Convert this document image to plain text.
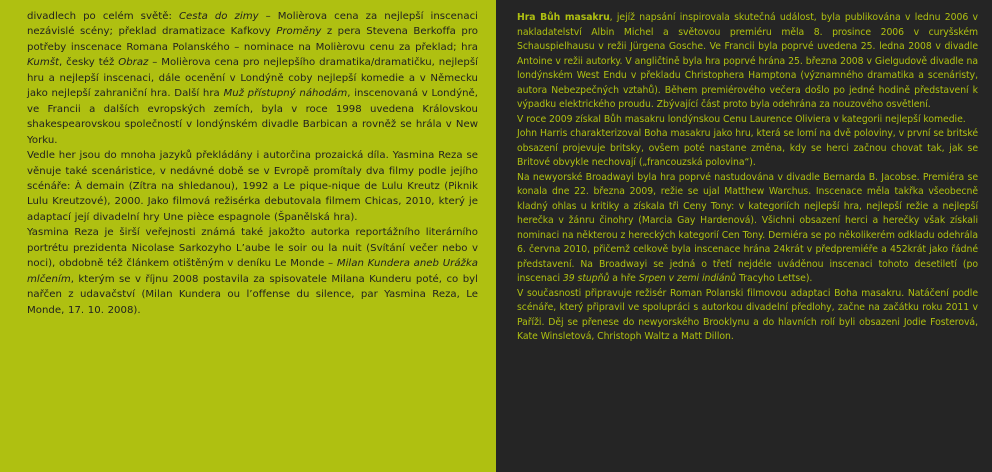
divadlech po celém světě: Cesta do zimy – Molièrova cena za nejlepší inscenaci nezávislé scény; překlad dramatizace Kafkovy Proměny z pera Stevena Berkoffa pro potřeby inscenace Romana Polanského – nominace na Molièrovu cenu za překlad; hra Kumšt, česky též Obraz – Molièrova cena pro nejlepšího dramatika/dramatičku, nejlepší hru a nejlepší inscenaci, dále ocenění v Londýně coby nejlepší komedie a v Německu jako nejlepší zahraniční hra. Další hra Muž přístupný náhodám, inscenovaná v Londýně, ve Francii a dalších evropských zemích, byla v roce 1998 uvedena Královskou shakespearovskou společností v londýnském divadle Barbican a rovněž se hrála v New Yorku.

Vedle her jsou do mnoha jazyků překládány i autorčina prozaická díla. Yasmina Reza se věnuje také scenáristice, v nedávné době se v Evropě promítaly dva filmy podle jejího scénáře: À demain (Zítra na shledanou), 1992 a Le pique-nique de Lulu Kreutz (Piknik Lulu Kreutzové), 2000. Jako filmová režisérka debutovala filmem Chicas, 2010, který je adaptací její divadelní hry Une pièce espagnole (Španělská hra).

Yasmina Reza je širší veřejnosti známá také jakožto autorka reportážního literárního portrétu prezidenta Nicolase Sarkozyho L’aube le soir ou la nuit (Svítání večer nebo v noci), obdobně též článkem otištěným v deníku Le Monde – Milan Kundera aneb Urážka mlčením, kterým se v říjnu 2008 postavila za spisovatele Milana Kunderu poté, co byl nařčen z udavačství (Milan Kundera ou l’offense du silence, par Yasmina Reza, Le Monde, 17. 10. 2008).

Hra Bůh masakru, jejíž napsání inspirovala skutečná událost, byla publikována v lednu 2006 v nakladatelství Albin Michel a světovou premiéru měla 8. prosince 2006 v curyšském Schauspielhausu v režii Jürgena Gosche. Ve Francii byla poprvé uvedena 25. ledna 2008 v divadle Antoine v režii autorky. V angličtině byla hra poprvé hrána 25. března 2008 v Gielgudově divadle na londýnském West Endu v překladu Christophera Hamptona (významného dramatika a scenáristy, autora Nebezpečných vztahů). Během premiérového večera došlo po jedné hodině představení k výpadku elektrického proudu. Zbývající část proto byla odehrána za nouzového osvětlení.

V roce 2009 získal Bůh masakru londýnskou Cenu Laurence Oliviera v kategorii nejlepší komedie.

John Harris charakterizoval Boha masakru jako hru, která se lomí na dvě poloviny, v první se britské obsazení projevuje britsky, ovšem poté nastane změna, kdy se herci začnou chovat tak, jak se Britové obvykle nechovají („francouzská polovina“).

Na newyorské Broadwayi byla hra poprvé nastudována v divadle Bernarda B. Jacobse. Premiéra se konala dne 22. března 2009, režie se ujal Matthew Warchus. Inscenace měla takřka všeobecně kladný ohlas u kritiky a získala tři Ceny Tony: v kategoriích nejlepší hra, nejlepší režie a nejlepší herečka v žánru činohry (Marcia Gay Hardenová). Všichni obsazení herci a herečky však získali nominaci na některou z hereckých kategorií Cen Tony. Derniéra se po několikerém odkladu odehrála 6. června 2010, přičemž celkově byla inscenace hrána 24krát v předpremiéře a 452krát jako řádné představení. Na Broadwayi se jedná o třetí nejdéle uváděnou inscenaci tohoto desetiletí (po inscenaci 39 stupňů a hře Srpen v zemi indiánů Tracyho Lettse).

V současnosti připravuje režisér Roman Polanski filmovou adaptaci Boha masakru. Natáčení podle scénáře, který připravil ve spolupráci s autorkou divadelní předlohy, začne na začátku roku 2011 v Paříži. Děj se přenese do newyorského Brooklynu a do hlavních rolí byli obsazeni Jodie Fosterová, Kate Winsletová, Christoph Waltz a Matt Dillon.
